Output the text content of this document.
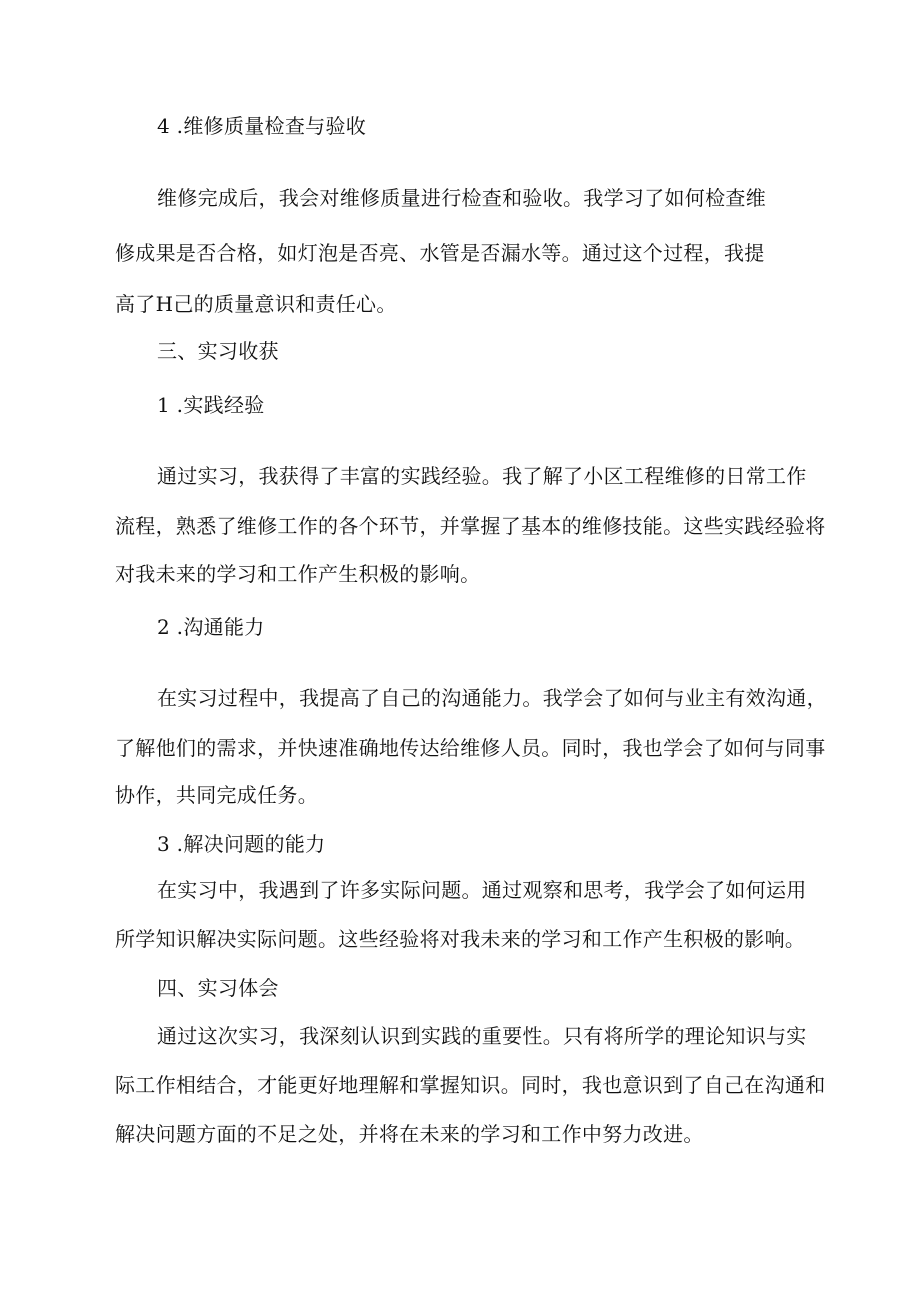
4 .维修质量检查与验收
维修完成后，我会对维修质量进行检查和验收。我学习了如何检查维
修成果是否合格，如灯泡是否亮、水管是否漏水等。通过这个过程，我提
高了H己的质量意识和责任心。
三、实习收获
1 .实践经验
通过实习，我获得了丰富的实践经验。我了解了小区工程维修的日常工作
流程，熟悉了维修工作的各个环节，并掌握了基本的维修技能。这些实践经验将
对我未来的学习和工作产生积极的影响。
2 .沟通能力
在实习过程中，我提高了自己的沟通能力。我学会了如何与业主有效沟通，
了解他们的需求，并快速准确地传达给维修人员。同时，我也学会了如何与同事
协作，共同完成任务。
3 .解决问题的能力
在实习中，我遇到了许多实际问题。通过观察和思考，我学会了如何运用
所学知识解决实际问题。这些经验将对我未来的学习和工作产生积极的影响。
四、实习体会
通过这次实习，我深刻认识到实践的重要性。只有将所学的理论知识与实
际工作相结合，才能更好地理解和掌握知识。同时，我也意识到了自己在沟通和
解决问题方面的不足之处，并将在未来的学习和工作中努力改进。
